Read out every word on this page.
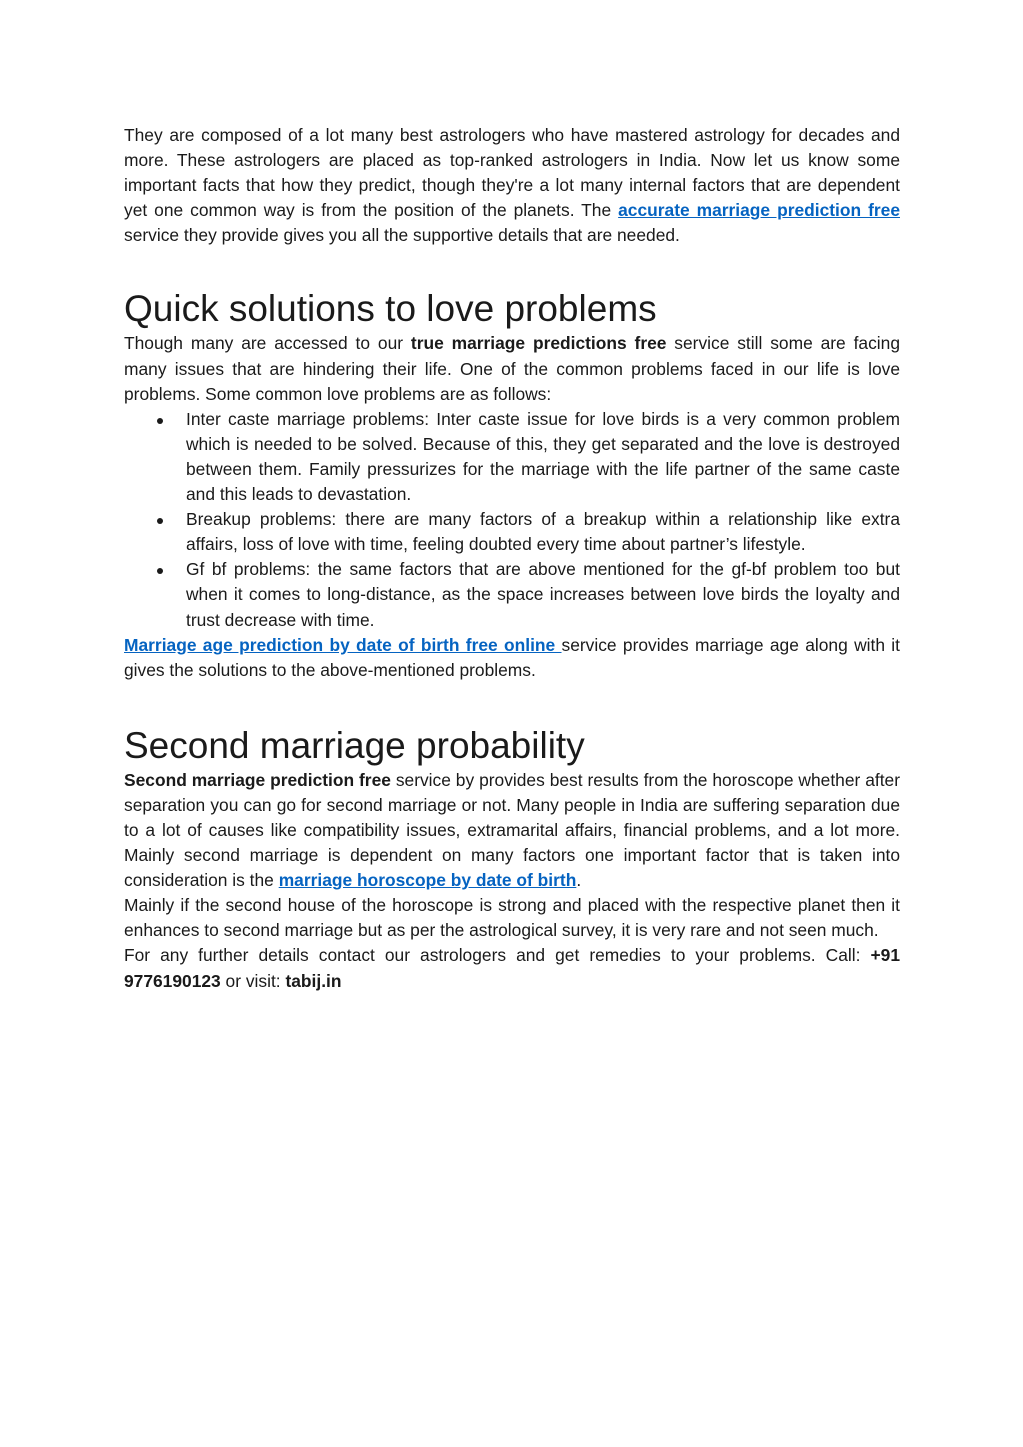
They are composed of a lot many best astrologers who have mastered astrology for decades and more. These astrologers are placed as top-ranked astrologers in India. Now let us know some important facts that how they predict, though they're a lot many internal factors that are dependent yet one common way is from the position of the planets. The accurate marriage prediction free service they provide gives you all the supportive details that are needed.

Quick solutions to love problems

Though many are accessed to our true marriage predictions free service still some are facing many issues that are hindering their life. One of the common problems faced in our life is love problems. Some common love problems are as follows:

Inter caste marriage problems: Inter caste issue for love birds is a very common problem which is needed to be solved. Because of this, they get separated and the love is destroyed between them. Family pressurizes for the marriage with the life partner of the same caste and this leads to devastation.
Breakup problems: there are many factors of a breakup within a relationship like extra affairs, loss of love with time, feeling doubted every time about partner’s lifestyle.
Gf bf problems: the same factors that are above mentioned for the gf-bf problem too but when it comes to long-distance, as the space increases between love birds the loyalty and trust decrease with time.

Marriage age prediction by date of birth free online service provides marriage age along with it gives the solutions to the above-mentioned problems.

Second marriage probability

Second marriage prediction free service by provides best results from the horoscope whether after separation you can go for second marriage or not. Many people in India are suffering separation due to a lot of causes like compatibility issues, extramarital affairs, financial problems, and a lot more. Mainly second marriage is dependent on many factors one important factor that is taken into consideration is the marriage horoscope by date of birth.

Mainly if the second house of the horoscope is strong and placed with the respective planet then it enhances to second marriage but as per the astrological survey, it is very rare and not seen much.

For any further details contact our astrologers and get remedies to your problems. Call: +91 9776190123 or visit: tabij.in
